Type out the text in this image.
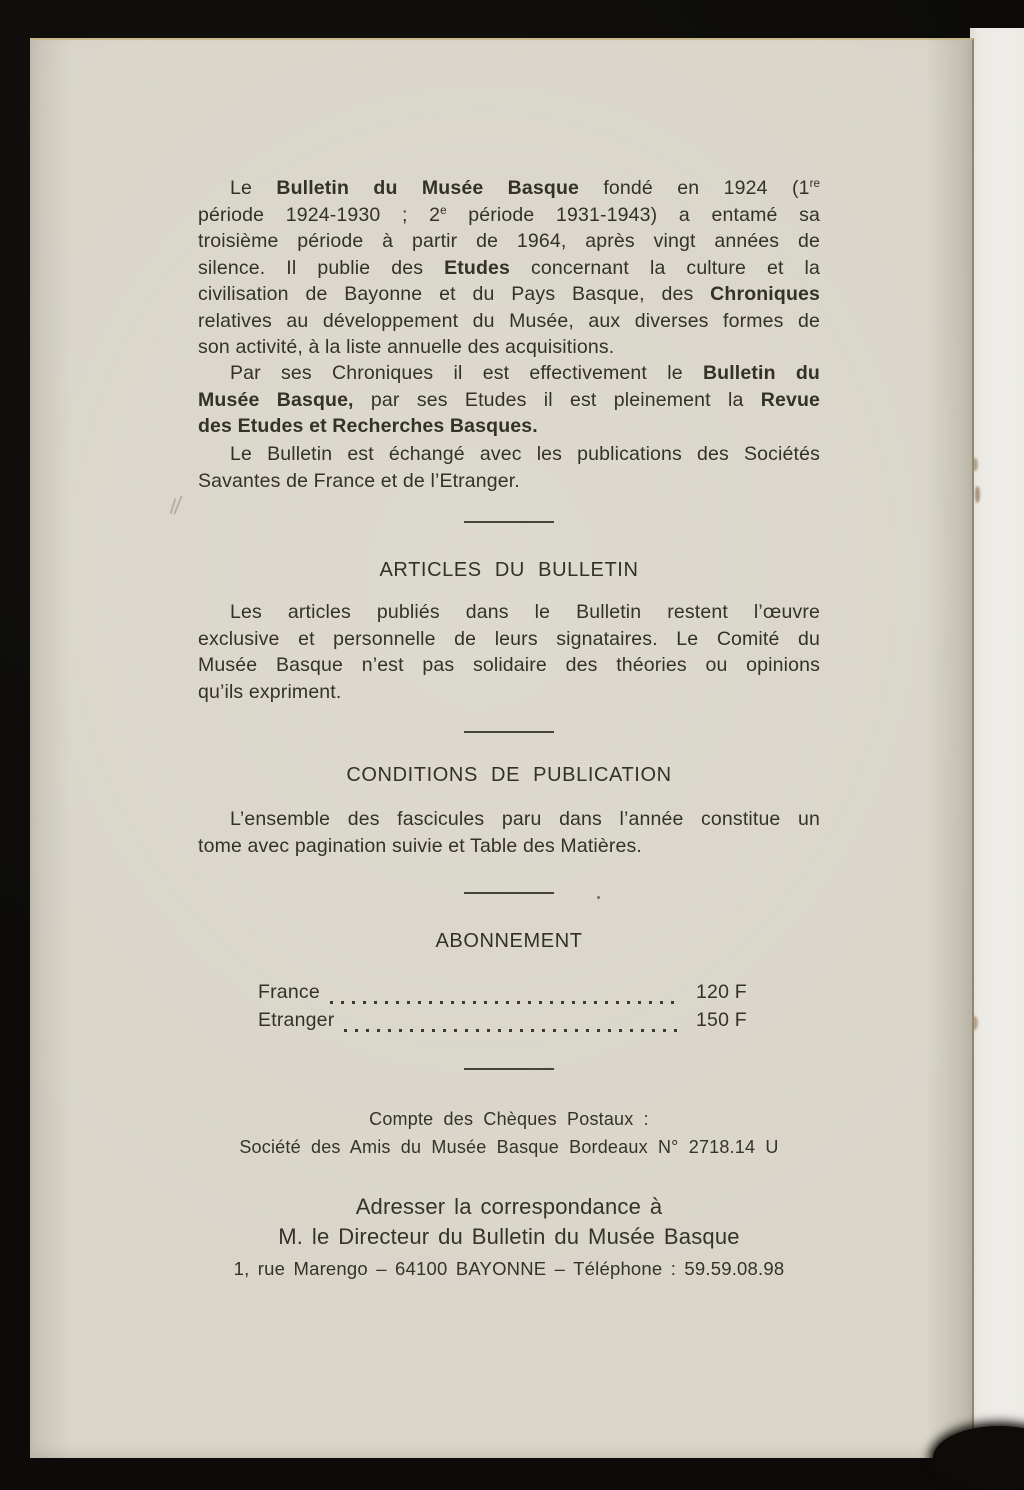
Le Bulletin du Musée Basque fondé en 1924 (1re
période 1924-1930 ; 2e période 1931-1943) a entamé sa
troisième période à partir de 1964, après vingt années de
silence. Il publie des Etudes concernant la culture et la
civilisation de Bayonne et du Pays Basque, des Chroniques
relatives au développement du Musée, aux diverses formes de
son activité, à la liste annuelle des acquisitions.
Par ses Chroniques il est effectivement le Bulletin du
Musée Basque, par ses Etudes il est pleinement la Revue
des Etudes et Recherches Basques.
Le Bulletin est échangé avec les publications des Sociétés
Savantes de France et de l’Etranger.
ARTICLES DU BULLETIN
Les articles publiés dans le Bulletin restent l’œuvre
exclusive et personnelle de leurs signataires. Le Comité du
Musée Basque n’est pas solidaire des théories ou opinions
qu’ils expriment.
CONDITIONS DE PUBLICATION
L’ensemble des fascicules paru dans l’année constitue un
tome avec pagination suivie et Table des Matières.
ABONNEMENT
France	120 F
Etranger	150 F
Compte des Chèques Postaux :
Société des Amis du Musée Basque Bordeaux N° 2718.14 U
Adresser la correspondance à
M. le Directeur du Bulletin du Musée Basque
1, rue Marengo – 64100 BAYONNE – Téléphone : 59.59.08.98
